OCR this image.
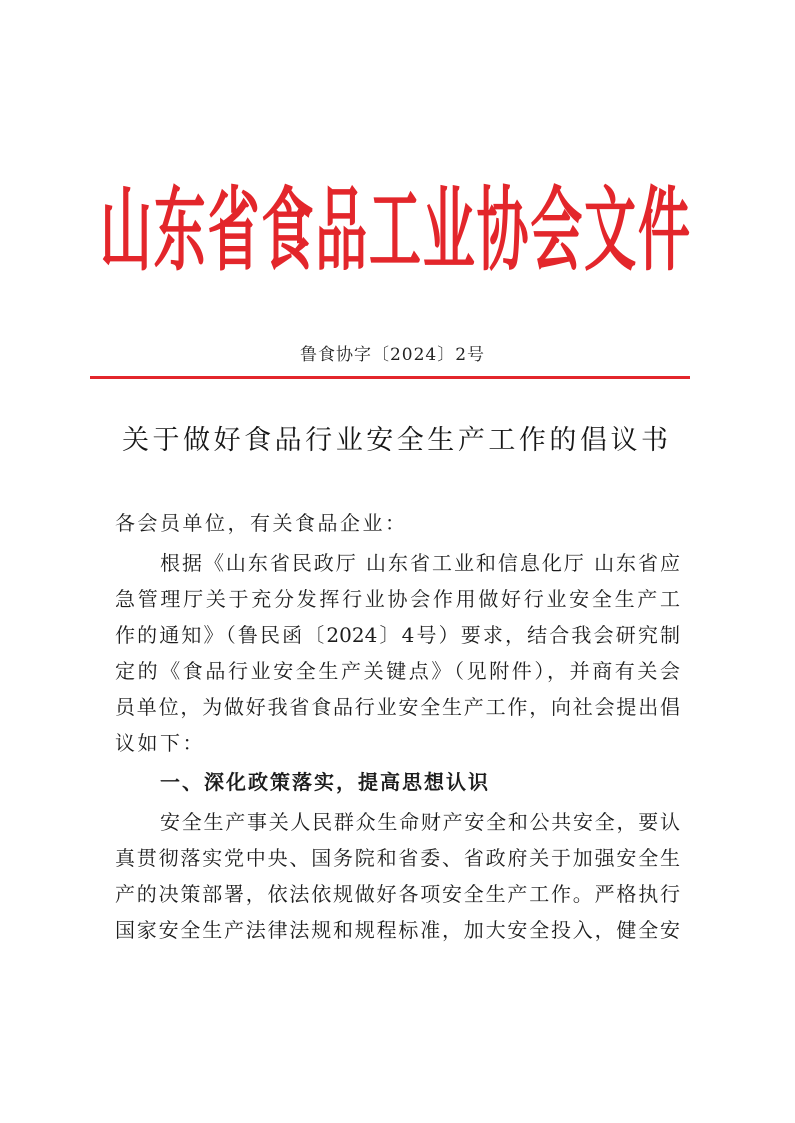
山东省食品工业协会文件
鲁食协字〔2024〕2号
关于做好食品行业安全生产工作的倡议书
各会员单位，有关食品企业：
根据《山东省民政厅 山东省工业和信息化厅 山东省应
急管理厅关于充分发挥行业协会作用做好行业安全生产工
作的通知》（鲁民函〔2024〕4号）要求，结合我会研究制
定的《食品行业安全生产关键点》（见附件），并商有关会
员单位，为做好我省食品行业安全生产工作，向社会提出倡
议如下：
一、深化政策落实，提高思想认识
安全生产事关人民群众生命财产安全和公共安全，要认
真贯彻落实党中央、国务院和省委、省政府关于加强安全生
产的决策部署，依法依规做好各项安全生产工作。严格执行
国家安全生产法律法规和规程标准，加大安全投入，健全安
